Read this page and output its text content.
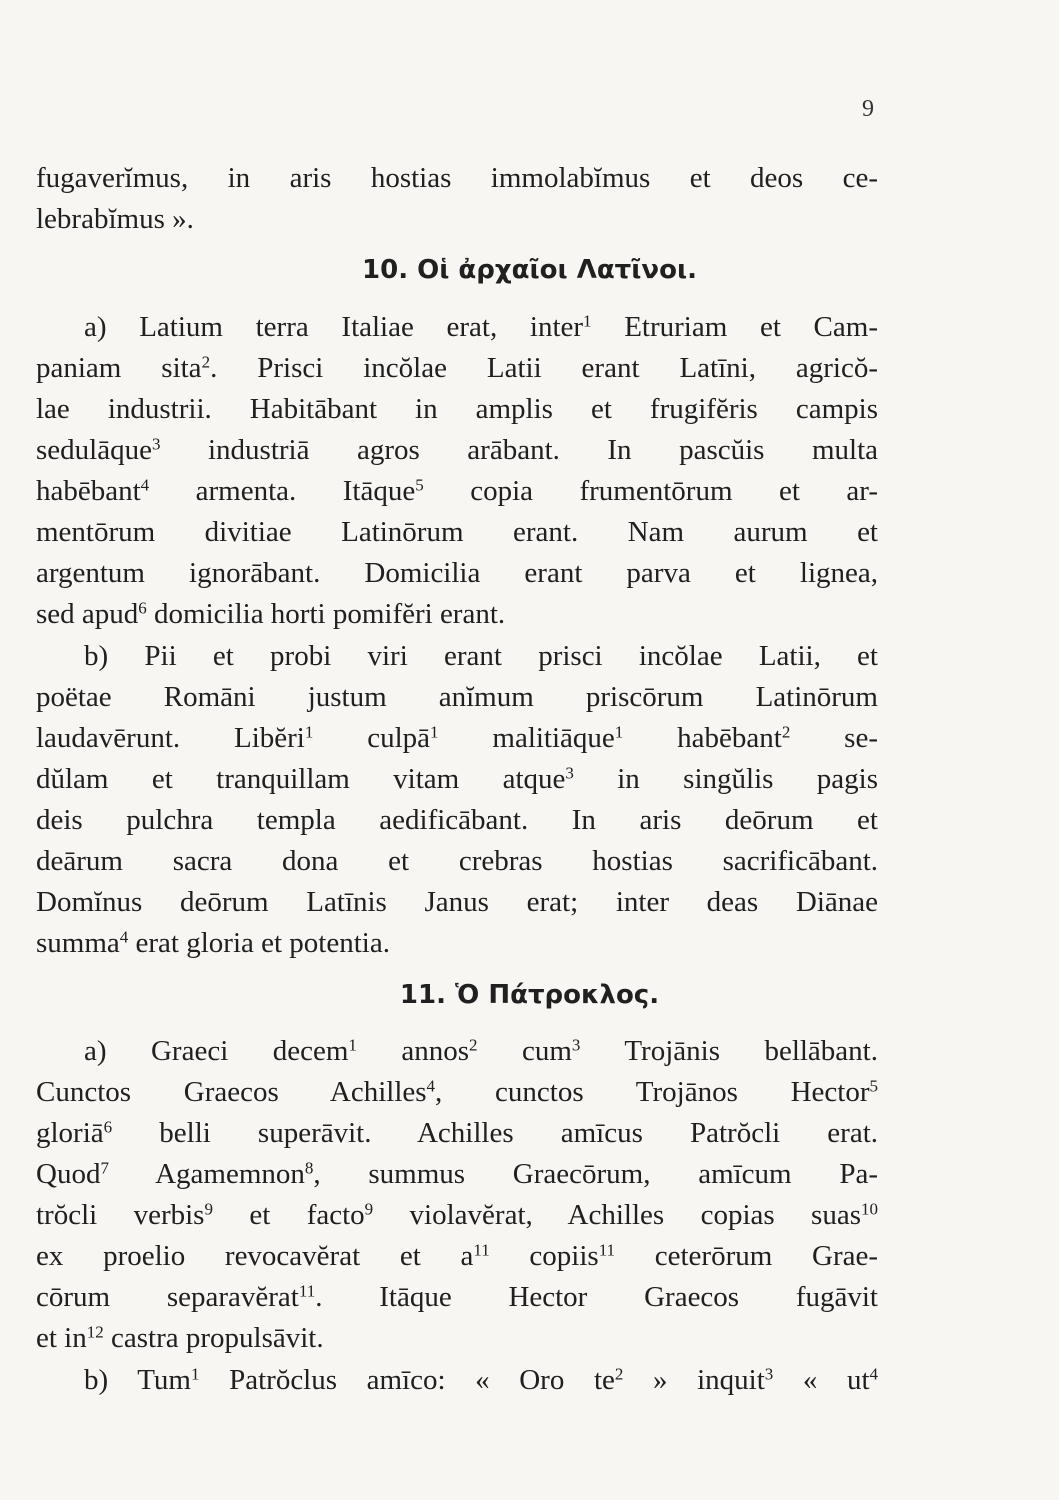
9
fugaverĭmus, in aris hostias immolabĭmus et deos ce-
lebrabĭmus ».
10. Οἱ ἀρχαῖοι Λατῖνοι.
a) Latium terra Italiae erat, inter$^1$ Etruriam et Cam-
paniam sita$^2$. Prisci incŏlae Latii erant Latīni, agricŏ-
lae industrii. Habitābant in amplis et frugifĕris campis
sedulāque$^3$ industriā agros arābant. In pascŭis multa
habēbant$^4$ armenta. Itāque$^5$ copia frumentōrum et ar-
mentōrum divitiae Latinōrum erant. Nam aurum et
argentum ignorābant. Domicilia erant parva et lignea,
sed apud$^6$ domicilia horti pomifĕri erant.
b) Pii et probi viri erant prisci incŏlae Latii, et
poëtae Romāni justum anĭmum priscōrum Latinōrum
laudavērunt. Libĕri$^1$ culpā$^1$ malitiāque$^1$ habēbant$^2$ se-
dŭlam et tranquillam vitam atque$^3$ in singŭlis pagis
deis pulchra templa aedificābant. In aris deōrum et
deārum sacra dona et crebras hostias sacrificābant.
Domĭnus deōrum Latīnis Janus erat; inter deas Diānae
summa$^4$ erat gloria et potentia.
11. Ὁ Πάτροκλος.
a) Graeci decem$^1$ annos$^2$ cum$^3$ Trojānis bellābant.
Cunctos Graecos Achilles$^4$, cunctos Trojānos Hector$^5$
gloriā$^6$ belli superāvit. Achilles amīcus Patrŏcli erat.
Quod$^7$ Agamemnon$^8$, summus Graecōrum, amīcum Pa-
trŏcli verbis$^9$ et facto$^9$ violavĕrat, Achilles copias suas$^{10}$
ex proelio revocavĕrat et $a^{11}$ copiis$^{11}$ ceterōrum Grae-
cōrum separavĕrat$^{11}$. Itāque Hector Graecos fugāvit
et $in^{12}$ castra propulsāvit.
b) Tum$^1$ Patrŏclus amīco: « Oro $te^2$ » inquit$^3$ « $ut^4$
